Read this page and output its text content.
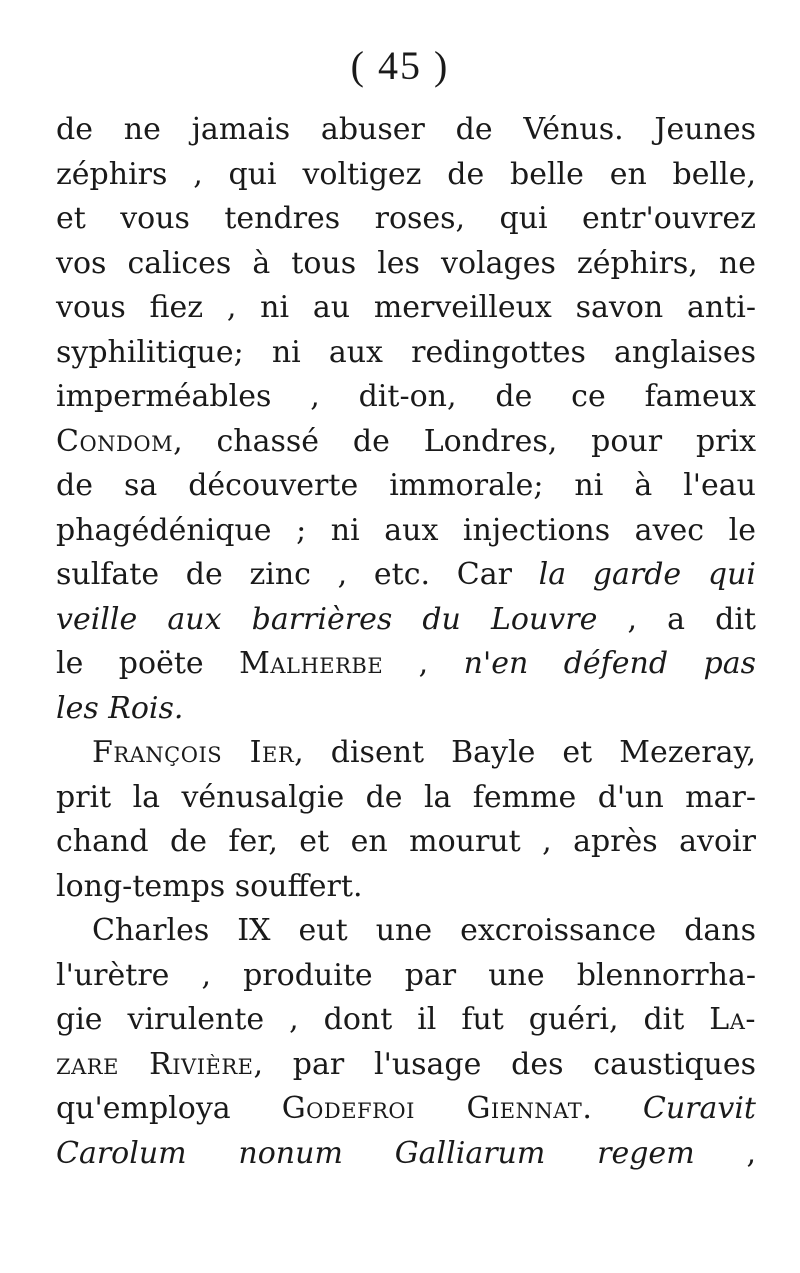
( 45 )
de ne jamais abuser de Vénus. Jeunes
zéphirs , qui voltigez de belle en belle,
et vous tendres roses, qui entr'ouvrez
vos calices à tous les volages zéphirs, ne
vous fiez , ni au merveilleux savon anti-
syphilitique; ni aux redingottes anglaises
imperméables , dit-on, de ce fameux
Condom, chassé de Londres, pour prix
de sa découverte immorale; ni à l'eau
phagédénique ; ni aux injections avec le
sulfate de zinc , etc. Car la garde qui
veille aux barrières du Louvre , a dit
le poëte Malherbe , n'en défend pas
les Rois.
François Ier, disent Bayle et Mezeray,
prit la vénusalgie de la femme d'un mar-
chand de fer, et en mourut , après avoir
long-temps souffert.
Charles IX eut une excroissance dans
l'urètre , produite par une blennorrha-
gie virulente , dont il fut guéri, dit La-
zare Rivière, par l'usage des caustiques
qu'employa Godefroi Giennat. Curavit
Carolum nonum Galliarum regem ,
